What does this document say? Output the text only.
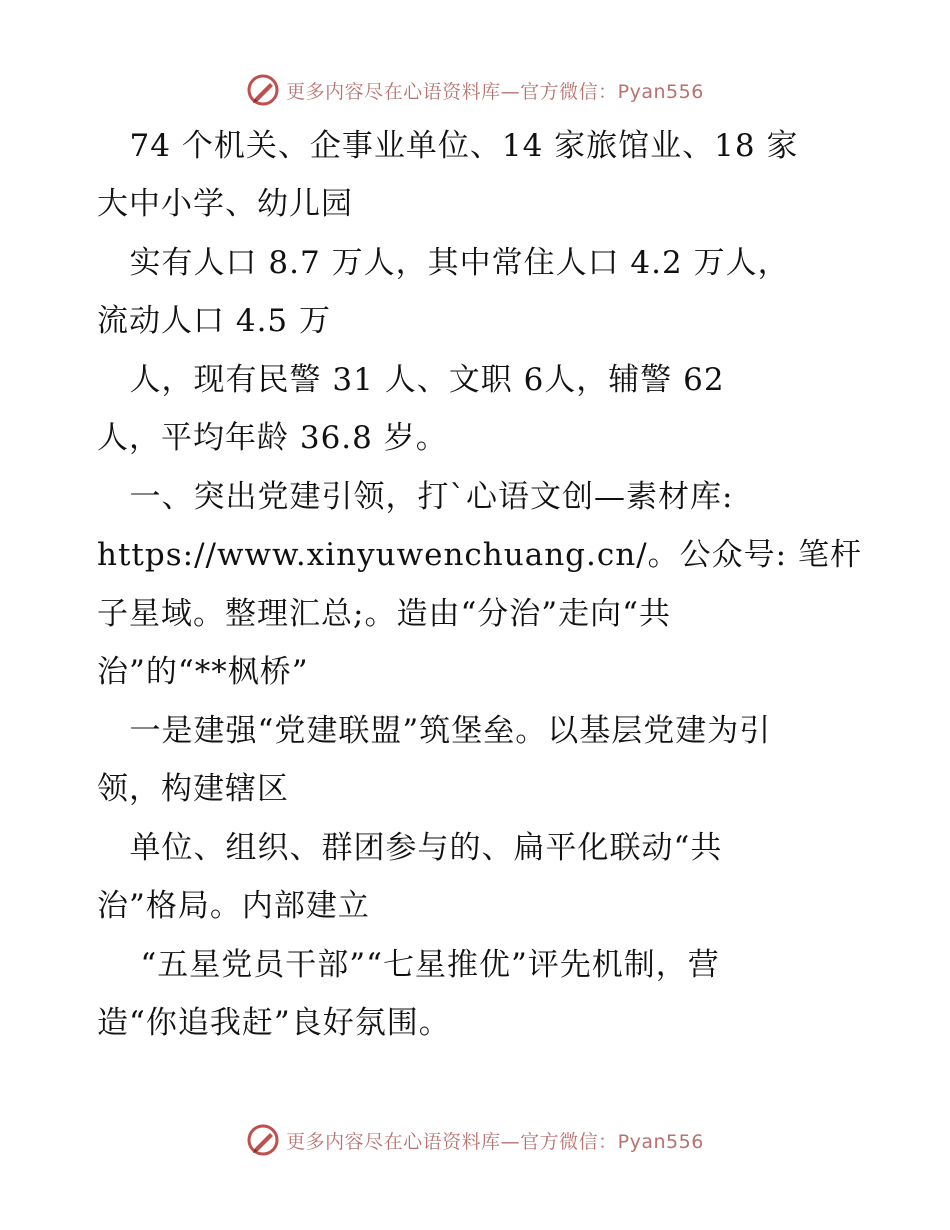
更多内容尽在心语资料库—官方微信：Pyan556
74 个机关、企事业单位、14 家旅馆业、18 家
大中小学、幼儿园
实有人口 8.7 万人，其中常住人口 4.2 万人，
流动人口 4.5 万
人，现有民警 31 人、文职 6人，辅警 62
人，平均年龄 36.8 岁。
一、突出党建引领，打ˋ心语文创—素材库:
https://www.xinyuwenchuang.cn/。公众号: 笔杆
子星域。整理汇总;。造由“分治”走向“共
治”的“**枫桥”
一是建强“党建联盟”筑堡垒。以基层党建为引
领，构建辖区
单位、组织、群团参与的、扁平化联动“共
治”格局。内部建立
“五星党员干部”“七星推优”评先机制，营
造“你追我赶”良好氛围。
更多内容尽在心语资料库—官方微信：Pyan556
